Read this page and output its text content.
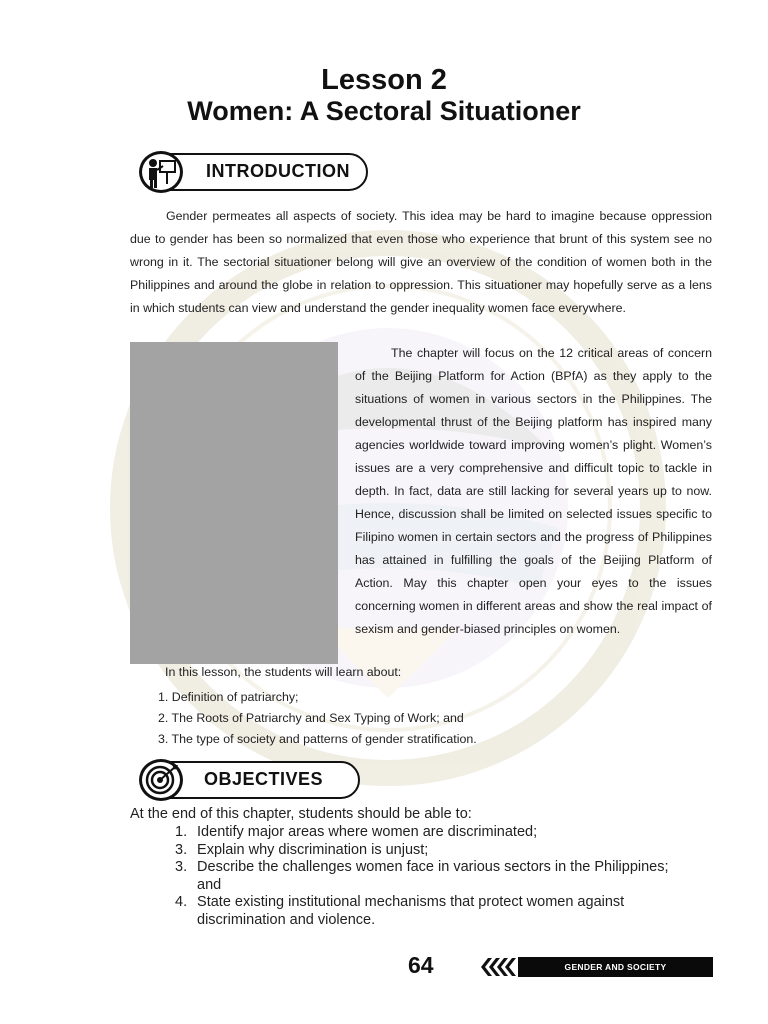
Lesson 2
Women: A Sectoral Situationer
INTRODUCTION
Gender permeates all aspects of society. This idea may be hard to imagine because oppression due to gender has been so normalized that even those who experience that brunt of this system see no wrong in it. The sectorial situationer belong will give an overview of the condition of women both in the Philippines and around the globe in relation to oppression. This situationer may hopefully serve as a lens in which students can view and understand the gender inequality women face everywhere.
The chapter will focus on the 12 critical areas of concern of the Beijing Platform for Action (BPfA) as they apply to the situations of women in various sectors in the Philippines. The developmental thrust of the Beijing platform has inspired many agencies worldwide toward improving women’s plight. Women’s issues are a very comprehensive and difficult topic to tackle in depth. In fact, data are still lacking for several years up to now. Hence, discussion shall be limited on selected issues specific to Filipino women in certain sectors and the progress of Philippines has attained in fulfilling the goals of the Beijing Platform of Action. May this chapter open your eyes to the issues concerning women in different areas and show the real impact of sexism and gender-biased principles on women.
In this lesson, the students will learn about:
1. Definition of patriarchy;
2. The Roots of Patriarchy and Sex Typing of Work; and
3. The type of society and patterns of gender stratification.
OBJECTIVES
At the end of this chapter, students should be able to:
1. Identify major areas where women are discriminated;
3. Explain why discrimination is unjust;
3. Describe the challenges women face in various sectors in the Philippines;
and
4. State existing institutional mechanisms that protect women against
discrimination and violence.
64	GENDER AND SOCIETY
